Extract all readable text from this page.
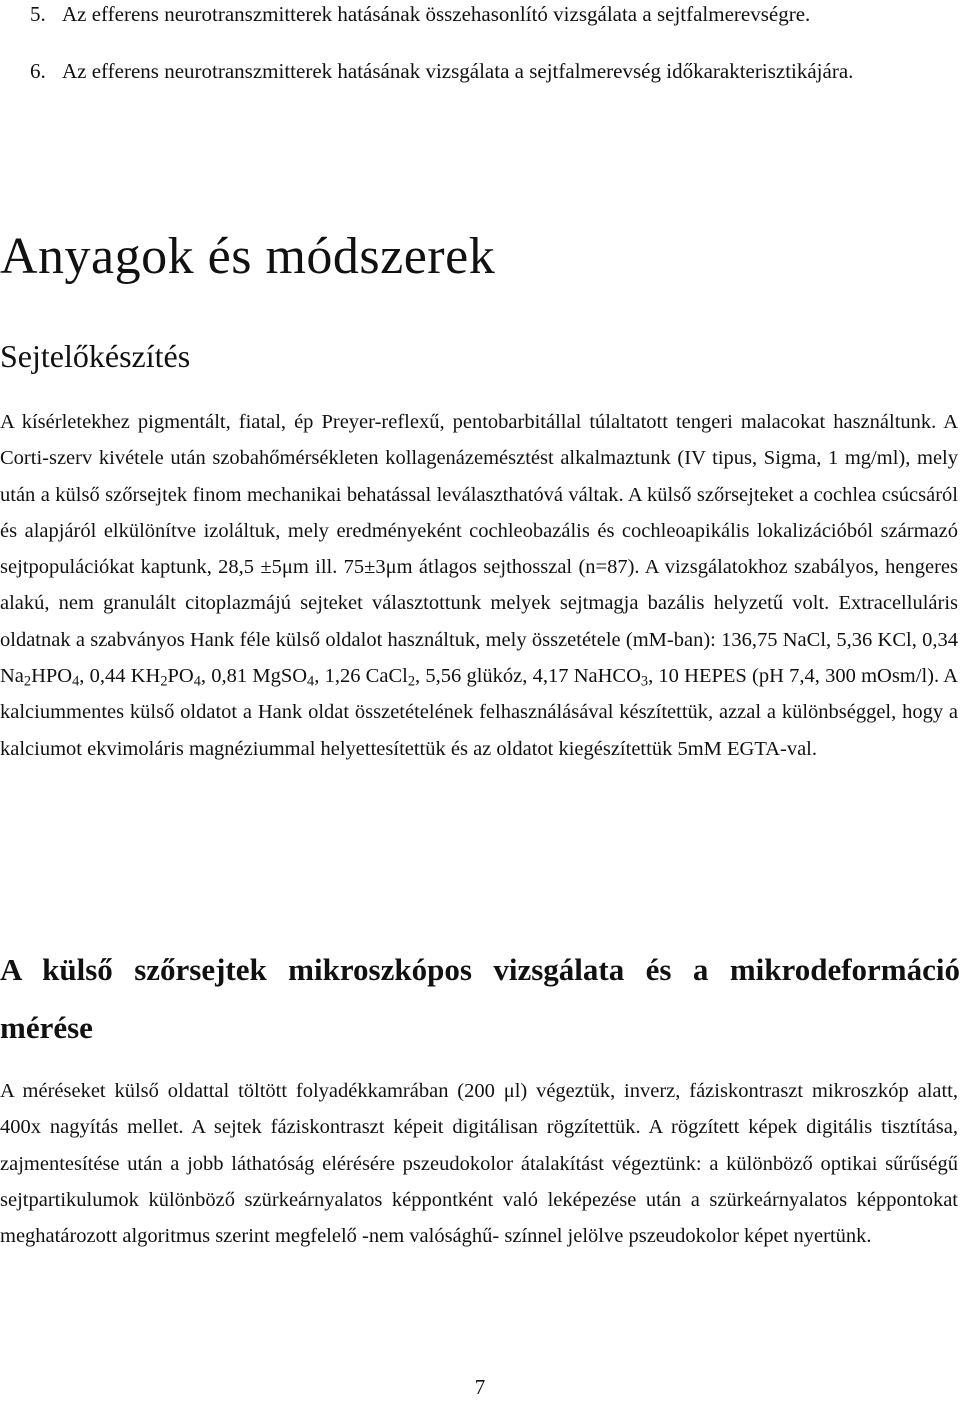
5. Az efferens neurotranszmitterek hatásának összehasonlító vizsgálata a sejtfalmerevségre.
6. Az efferens neurotranszmitterek hatásának vizsgálata a sejtfalmerevség időkarakterisztikájára.
Anyagok és módszerek
Sejtelőkészítés

A kísérletekhez pigmentált, fiatal, ép Preyer-reflexű, pentobarbitállal túlaltatott tengeri malacokat használtunk. A Corti-szerv kivétele után szobahőmérsékleten kollagenázemésztést alkalmaztunk (IV tipus, Sigma, 1 mg/ml), mely után a külső szőrsejtek finom mechanikai behatással leválaszthatóvá váltak. A külső szőrsejteket a cochlea csúcsáról és alapjáról elkülönítve izoláltuk, mely eredményeként cochleobazális és cochleoapikális lokalizációból származó sejtpopulációkat kaptunk, 28,5 ±5μm ill. 75±3μm átlagos sejthosszal (n=87). A vizsgálatokhoz szabályos, hengeres alakú, nem granulált citoplazmájú sejteket választottunk melyek sejtmagja bazális helyzetű volt. Extracelluláris oldatnak a szabványos Hank féle külső oldalot használtuk, mely összetétele (mM-ban): 136,75 NaCl, 5,36 KCl, 0,34 $Na_2HPO_4$, 0,44 $KH_2PO_4$, 0,81 MgSO$_4$, 1,26 CaCl$_2$, 5,56 glükóz, 4,17 NaHCO$_3$, 10 HEPES (pH 7,4, 300 mOsm/l). A kalciummentes külső oldatot a Hank oldat összetételének felhasználásával készítettük, azzal a különbséggel, hogy a kalciumot ekvimoláris magnéziummal helyettesítettük és az oldatot kiegészítettük 5mM EGTA-val.

A külső szőrsejtek mikroszkópos vizsgálata és a mikrodeformáció mérése

A méréseket külső oldattal töltött folyadékkamrában (200 μl) végeztük, inverz, fáziskontraszt mikroszkóp alatt, 400x nagyítás mellet. A sejtek fáziskontraszt képeit digitálisan rögzítettük. A rögzített képek digitális tisztítása, zajmentesítése után a jobb láthatóság elérésére pszeudokolor átalakítást végeztünk: a különböző optikai sűrűségű sejtpartikulumok különböző szürkeárnyalatos képpontként való leképezése után a szürkeárnyalatos képpontokat meghatározott algoritmus szerint megfelelő -nem valósághű- színnel jelölve pszeudokolor képet nyertünk.

7
